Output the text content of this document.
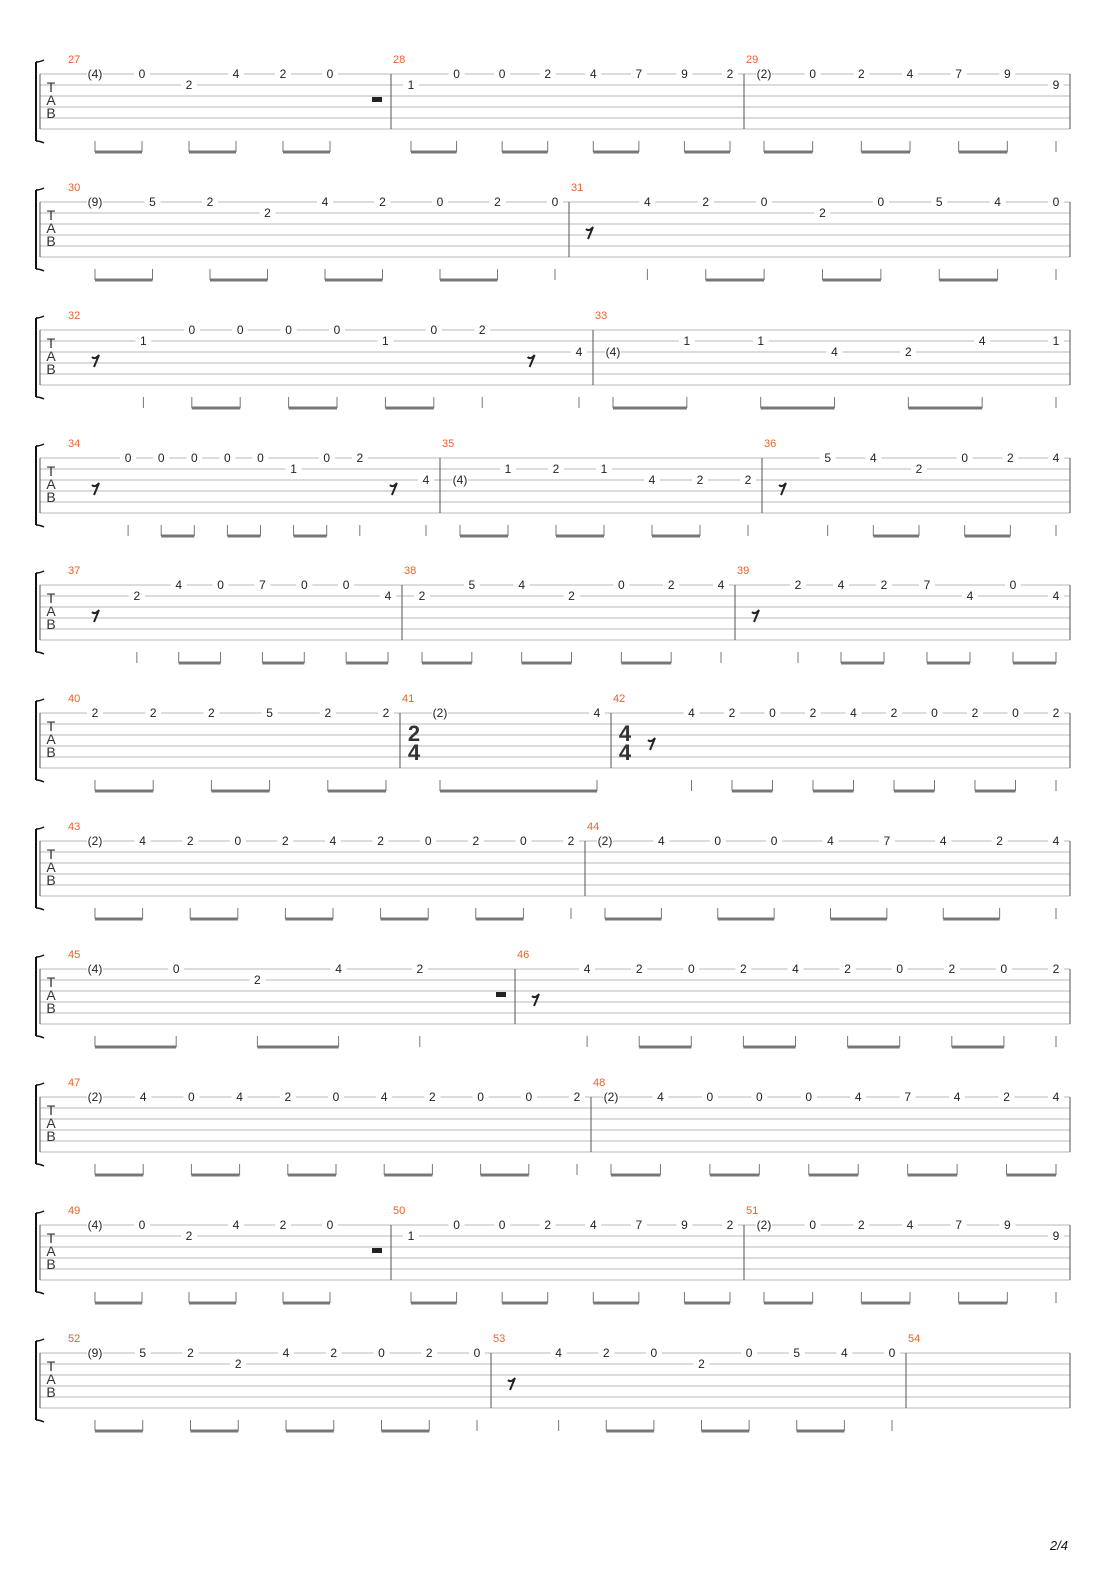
T
A
B
27
(4)	0
2
4	2	0
28
1
0	0	2	4	7	9	2
29
(2)	0	2	4	7	9
9
T
A
B
30
(9)	5	2
2
4	2	0	2	0
31
4	2	0
2
0	5	4	0
T
A
B
32
1
0	0	0	0
1
0	2
4
33
(4)
1	1
4	2
4	1
T
A
B
34
0 0 0 0 0
1
0 2
4
35
(4)
1	2	1
4	2	2
36
5	4
2
0	2	4
T
A
B
37
2
4	0	7	0	0
4
38
2
5	4
2
0	2	4
39
2	4	2	7
4
0
4
T
A
B
40
2	2	2	5	2	2
41
2
4
(2)	4
42
4
4
4	2	0	2	4	2	0	2	0	2
T
A
B
43
(2)	4	2	0	2	4	2	0	2	0	2
44
(2)	4	0	0	4	7	4	2	4
T
A
B
45
(4)	0
2
4	2
46
4	2	0	2	4	2	0	2	0	2
T
A
B
47
(2)	4	0	4	2	0	4	2	0	0	2
48
(2)	4	0	0	0	4	7	4	2	4
T
A
B
49
(4)	0
2
4	2	0
50
1
0	0	2	4	7	9	2
51
(2)	0	2	4	7	9
9
T
A
B
52
(9)	5	2
2
4	2	0	2	0
53
4	2	0
2
0	5	4	0
54
2/4
